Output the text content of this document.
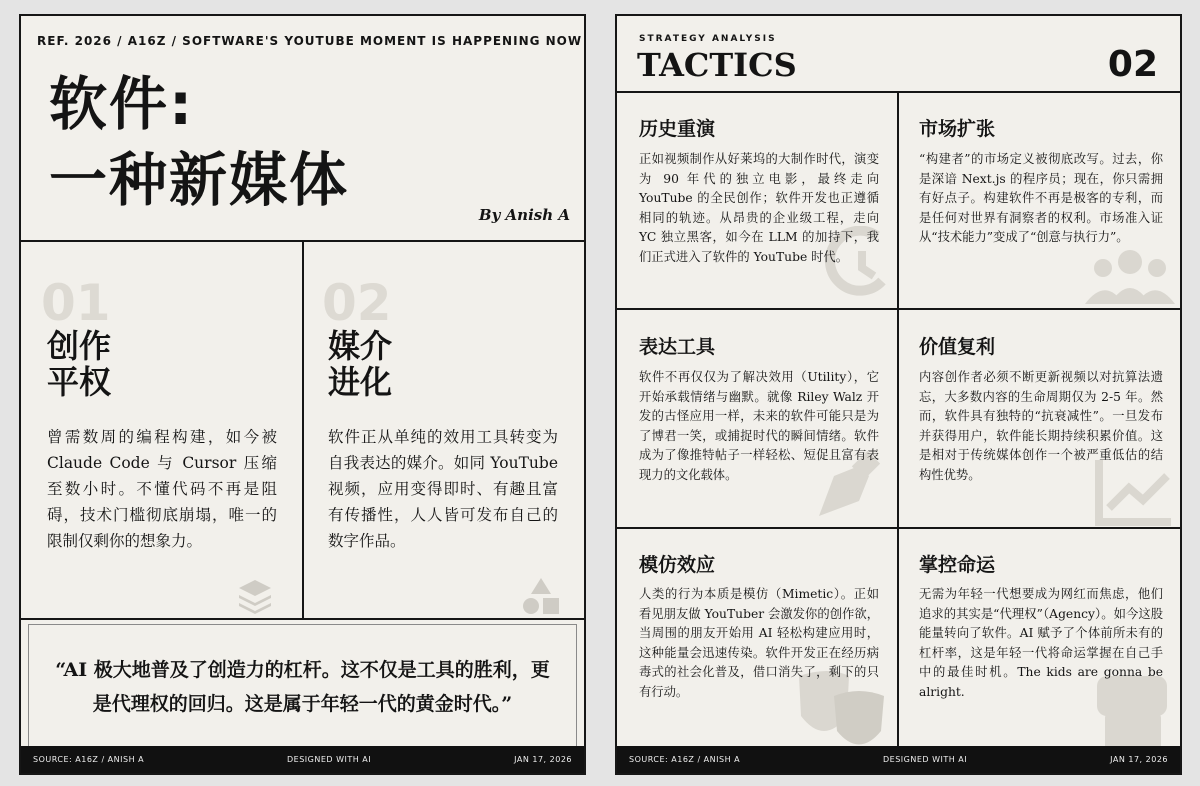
REF. 2026 / A16Z / SOFTWARE'S YOUTUBE MOMENT IS HAPPENING NOW
软件:
一种新媒体
By Anish A
01
创作
平权
曾需数周的编程构建，如今被 Claude Code 与 Cursor 压缩至数小时。不懂代码不再是阻碍，技术门槛彻底崩塌，唯一的限制仅剩你的想象力。
02
媒介
进化
软件正从单纯的效用工具转变为自我表达的媒介。如同 YouTube 视频，应用变得即时、有趣且富有传播性，人人皆可发布自己的数字作品。
“AI 极大地普及了创造力的杠杆。这不仅是工具的胜利，更是代理权的回归。这是属于年轻一代的黄金时代。”
SOURCE: A16Z / ANISH A	DESIGNED WITH AI	JAN 17, 2026
STRATEGY ANALYSIS
TACTICS	02
历史重演
正如视频制作从好莱坞的大制作时代，演变为 90 年代的独立电影，最终走向 YouTube 的全民创作；软件开发也正遵循相同的轨迹。从昂贵的企业级工程，走向 YC 独立黑客，如今在 LLM 的加持下，我们正式进入了软件的 YouTube 时代。
市场扩张
“构建者”的市场定义被彻底改写。过去，你是深谙 Next.js 的程序员；现在，你只需拥有好点子。构建软件不再是极客的专利，而是任何对世界有洞察者的权利。市场准入证从“技术能力”变成了“创意与执行力”。
表达工具
软件不再仅仅为了解决效用（Utility），它开始承载情绪与幽默。就像 Riley Walz 开发的古怪应用一样，未来的软件可能只是为了博君一笑，或捕捉时代的瞬间情绪。软件成为了像推特帖子一样轻松、短促且富有表现力的文化载体。
价值复利
内容创作者必须不断更新视频以对抗算法遗忘，大多数内容的生命周期仅为 2-5 年。然而，软件具有独特的“抗衰减性”。一旦发布并获得用户，软件能长期持续积累价值。这是相对于传统媒体创作一个被严重低估的结构性优势。
模仿效应
人类的行为本质是模仿（Mimetic）。正如看见朋友做 YouTuber 会激发你的创作欲，当周围的朋友开始用 AI 轻松构建应用时，这种能量会迅速传染。软件开发正在经历病毒式的社会化普及，借口消失了，剩下的只有行动。
掌控命运
无需为年轻一代想要成为网红而焦虑，他们追求的其实是“代理权”（Agency）。如今这股能量转向了软件。AI 赋予了个体前所未有的杠杆率，这是年轻一代将命运掌握在自己手中的最佳时机。The kids are gonna be alright.
SOURCE: A16Z / ANISH A	DESIGNED WITH AI	JAN 17, 2026
